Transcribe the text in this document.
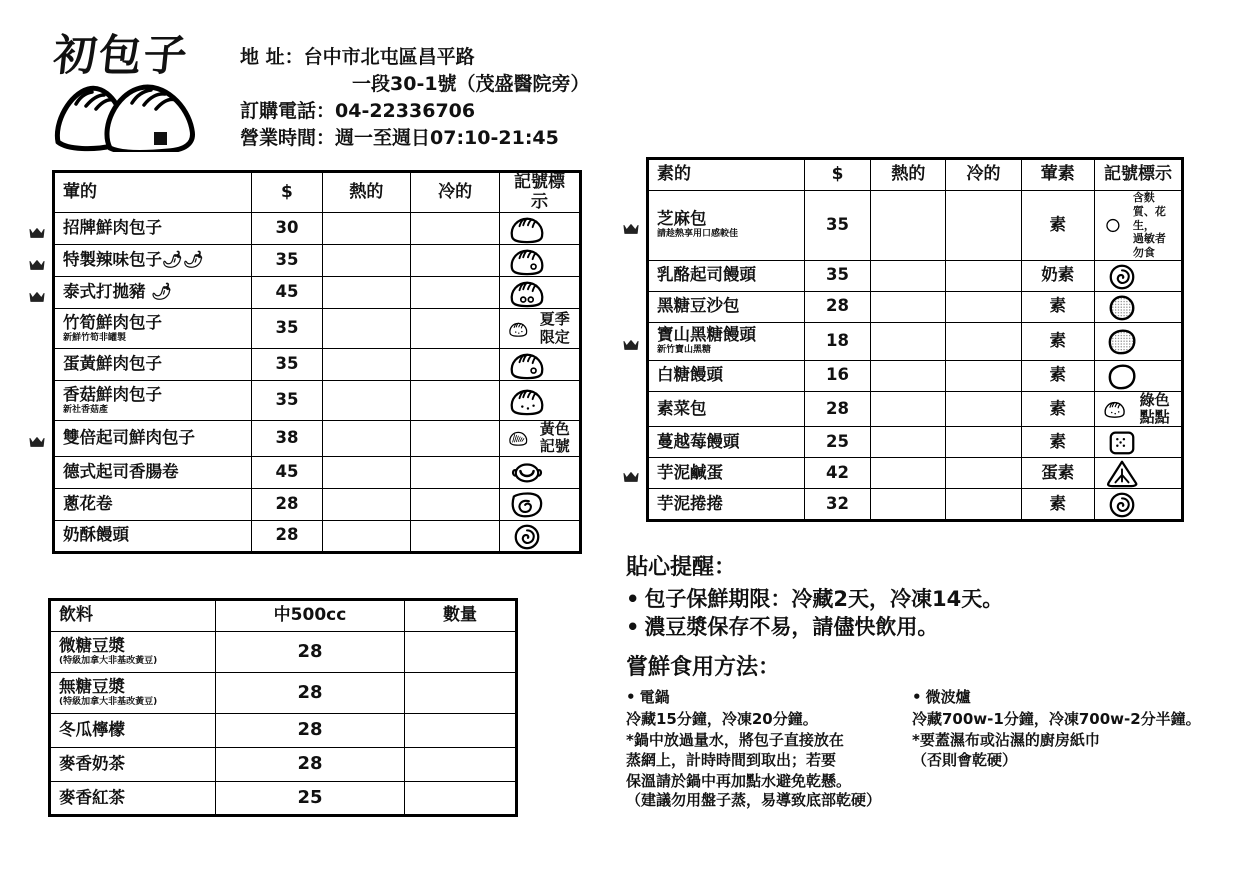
初包子	地 址：台中市北屯區昌平路
一段30-1號（茂盛醫院旁）
訂購電話：04-22336706
營業時間：週一至週日07:10-21:45
葷的	$	熱的	冷的	記號標示
招牌鮮肉包子	30			

特製辣味包子🌶🌶	35			

泰式打拋豬 🌶	45			

竹筍鮮肉包子
新鮮竹筍非罐製	35			夏季限定

蛋黃鮮肉包子	35			

香菇鮮肉包子
新社香菇產	35			

雙倍起司鮮肉包子	38			黃色記號

德式起司香腸卷	45			

蔥花卷	28			

奶酥饅頭	28			
素的	$	熱的	冷的	葷素	記號標示
芝麻包
請趁熱享用口感較佳	35			素	含麩質、花生，
過敏者勿食

乳酪起司饅頭	35			奶素	

黑糖豆沙包	28			素	

寶山黑糖饅頭
新竹寶山黑糖	18			素	

白糖饅頭	16			素	

素菜包	28			素	綠色點點

蔓越莓饅頭	25			素	

芋泥鹹蛋	42			蛋素	

芋泥捲捲	32			素	
飲料	中500cc	數量
微糖豆漿
(特級加拿大非基改黃豆)	28	
無糖豆漿
(特級加拿大非基改黃豆)	28	
冬瓜檸檬	28	
麥香奶茶	28	
麥香紅茶	25	
貼心提醒：
• 包子保鮮期限：冷藏2天，冷凍14天。
• 濃豆漿保存不易，請儘快飲用。
嘗鮮食用方法：
• 電鍋
冷藏15分鐘，冷凍20分鐘。
*鍋中放過量水，將包子直接放在
蒸網上，計時時間到取出；若要
保溫請於鍋中再加點水避免乾懸。
• 微波爐
冷藏700w-1分鐘，冷凍700w-2分半鐘。
*要蓋濕布或沾濕的廚房紙巾
（否則會乾硬）
（建議勿用盤子蒸，易導致底部乾硬）
